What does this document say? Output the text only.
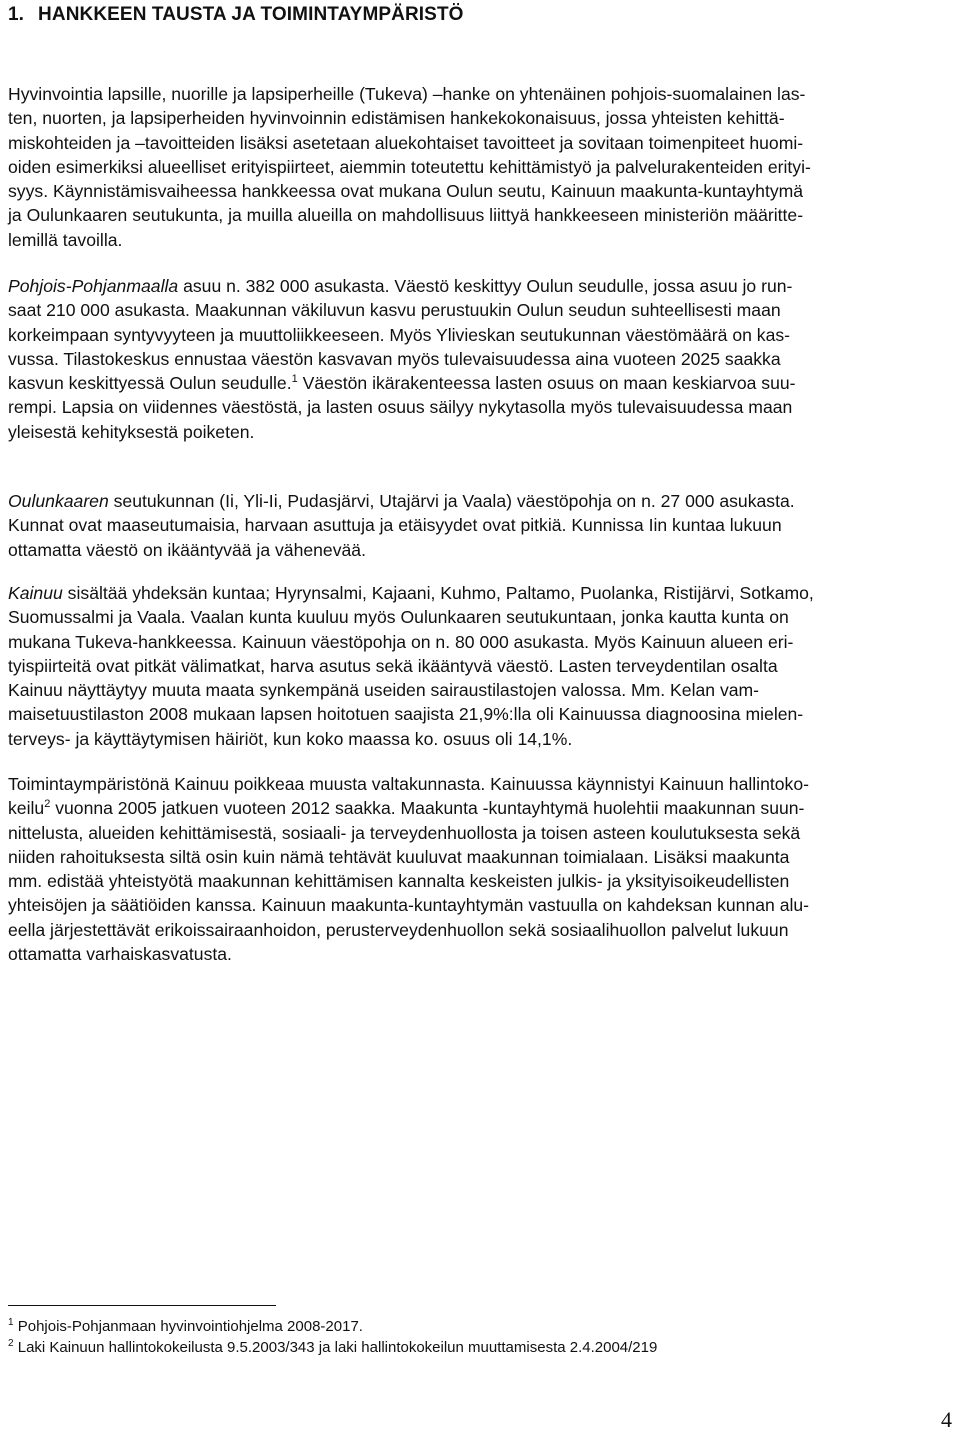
1. HANKKEEN TAUSTA JA TOIMINTAYMPÄRISTÖ
Hyvinvointia lapsille, nuorille ja lapsiperheille (Tukeva) –hanke on yhtenäinen pohjois-suomalainen las-
ten, nuorten, ja lapsiperheiden hyvinvoinnin edistämisen hankekokonaisuus, jossa yhteisten kehittä-
miskohteiden ja –tavoitteiden lisäksi asetetaan aluekohtaiset tavoitteet ja sovitaan toimenpiteet huomi-
oiden esimerkiksi alueelliset erityispiirteet, aiemmin toteutettu kehittämistyö ja palvelurakenteiden erityi-
syys. Käynnistämisvaiheessa hankkeessa ovat mukana Oulun seutu, Kainuun maakunta-kuntayhtymä
ja Oulunkaaren seutukunta, ja muilla alueilla on mahdollisuus liittyä hankkeeseen ministeriön määritte-
lemillä tavoilla.
Pohjois-Pohjanmaalla asuu n. 382 000 asukasta. Väestö keskittyy Oulun seudulle, jossa asuu jo run-
saat 210 000 asukasta. Maakunnan väkiluvun kasvu perustuukin Oulun seudun suhteellisesti maan
korkeimpaan syntyvyyteen ja muuttoliikkeeseen. Myös Ylivieskan seutukunnan väestömäärä on kas-
vussa. Tilastokeskus ennustaa väestön kasvavan myös tulevaisuudessa aina vuoteen 2025 saakka
kasvun keskittyessä Oulun seudulle.$^1$ Väestön ikärakenteessa lasten osuus on maan keskiarvoa suu-
rempi. Lapsia on viidennes väestöstä, ja lasten osuus säilyy nykytasolla myös tulevaisuudessa maan
yleisestä kehityksestä poiketen.
Oulunkaaren seutukunnan (Ii, Yli-Ii, Pudasjärvi, Utajärvi ja Vaala) väestöpohja on n. 27 000 asukasta.
Kunnat ovat maaseutumaisia, harvaan asuttuja ja etäisyydet ovat pitkiä. Kunnissa Iin kuntaa lukuun
ottamatta väestö on ikääntyvää ja vähenevää.
Kainuu sisältää yhdeksän kuntaa; Hyrynsalmi, Kajaani, Kuhmo, Paltamo, Puolanka, Ristijärvi, Sotkamo,
Suomussalmi ja Vaala. Vaalan kunta kuuluu myös Oulunkaaren seutukuntaan, jonka kautta kunta on
mukana Tukeva-hankkeessa. Kainuun väestöpohja on n. 80 000 asukasta. Myös Kainuun alueen eri-
tyispiirteitä ovat pitkät välimatkat, harva asutus sekä ikääntyvä väestö. Lasten terveydentilan osalta
Kainuu näyttäytyy muuta maata synkempänä useiden sairaustilastojen valossa. Mm. Kelan vam-
maisetuustilaston 2008 mukaan lapsen hoitotuen saajista 21,9%:lla oli Kainuussa diagnoosina mielen-
terveys- ja käyttäytymisen häiriöt, kun koko maassa ko. osuus oli 14,1%.
Toimintaympäristönä Kainuu poikkeaa muusta valtakunnasta. Kainuussa käynnistyi Kainuun hallintoko-
keilu$^2$ vuonna 2005 jatkuen vuoteen 2012 saakka. Maakunta -kuntayhtymä huolehtii maakunnan suun-
nittelusta, alueiden kehittämisestä, sosiaali- ja terveydenhuollosta ja toisen asteen koulutuksesta sekä
niiden rahoituksesta siltä osin kuin nämä tehtävät kuuluvat maakunnan toimialaan. Lisäksi maakunta
mm. edistää yhteistyötä maakunnan kehittämisen kannalta keskeisten julkis- ja yksityisoikeudellisten
yhteisöjen ja säätiöiden kanssa. Kainuun maakunta-kuntayhtymän vastuulla on kahdeksan kunnan alu-
eella järjestettävät erikoissairaanhoidon, perusterveydenhuollon sekä sosiaalihuollon palvelut lukuun
ottamatta varhaiskasvatusta.
$^1$ Pohjois-Pohjanmaan hyvinvointiohjelma 2008-2017.
$^2$ Laki Kainuun hallintokokeilusta 9.5.2003/343 ja laki hallintokokeilun muuttamisesta 2.4.2004/219
4
